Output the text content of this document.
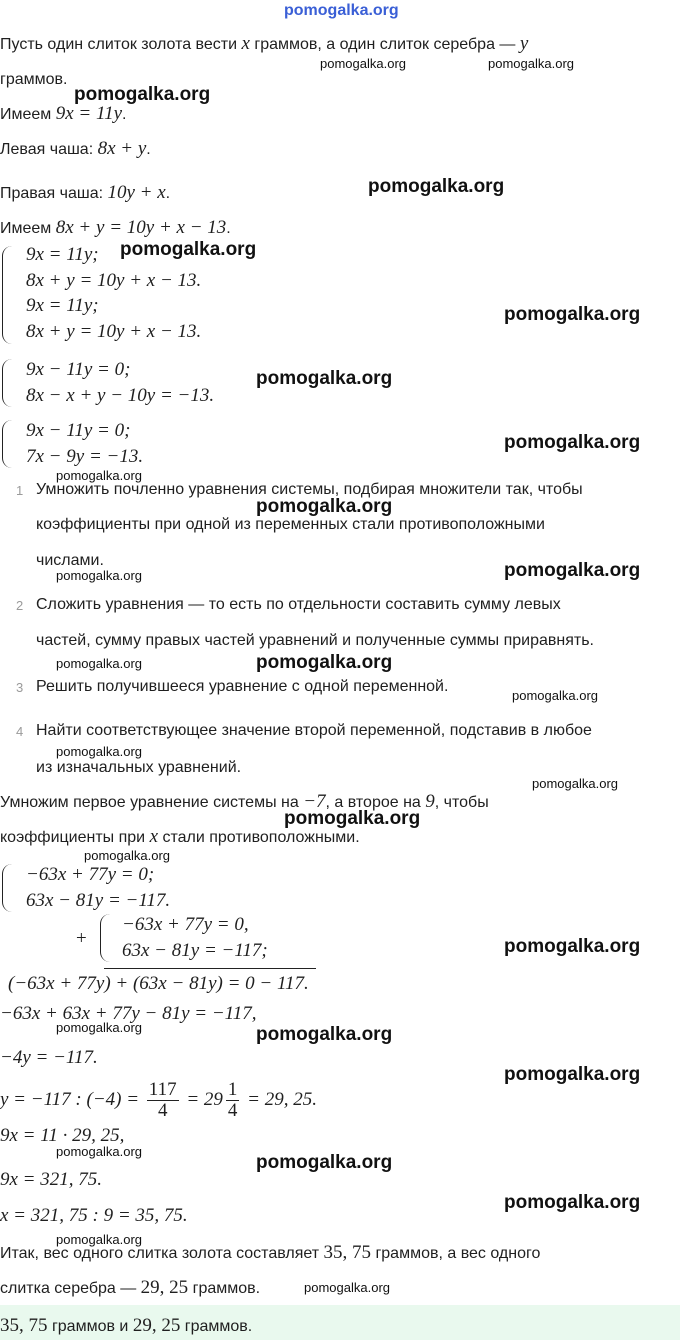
pomogalka.org
Пусть один слиток золота вести x граммов, а один слиток серебра — y
граммов.
Имеем 9x = 11y.
Левая чаша: 8x + y.
Правая чаша: 10y + x.
Имеем 8x + y = 10y + x − 13.
9x = 11y;
8x + y = 10y + x − 13.
9x = 11y;
8x + y = 10y + x − 13.
9x − 11y = 0;
8x − x + y − 10y = −13.
9x − 11y = 0;
7x − 9y = −13.
1 Умножить почленно уравнения системы, подбирая множители так, чтобы
коэффициенты при одной из переменных стали противоположными
числами.
2 Сложить уравнения — то есть по отдельности составить сумму левых
частей, сумму правых частей уравнений и полученные суммы приравнять.
3 Решить получившееся уравнение с одной переменной.
4 Найти соответствующее значение второй переменной, подставив в любое
из изначальных уравнений.
Умножим первое уравнение системы на −7, а второе на 9, чтобы
коэффициенты при x стали противоположными.
−63x + 77y = 0;
63x − 81y = −117.
+
−63x + 77y = 0,
63x − 81y = −117;
(−63x + 77y) + (63x − 81y) = 0 − 117.
−63x + 63x + 77y − 81y = −117,
−4y = −117.
y = −117 : $(-4) = \frac{117}{4} = 29 \frac{1}{4} = 29$, 25.
9x = 11 · 29, 25,
9x = 321, 75.
x = 321, 75 : 9 = 35, 75.
Итак, вес одного слитка золота составляет 35, 75 граммов, а вес одного
слитка серебра — 29, 25 граммов.
35, 75 граммов и 29, 25 граммов.
pomogalka.org
pomogalka.org
pomogalka.org
pomogalka.org
pomogalka.org
pomogalka.org
pomogalka.org
pomogalka.org
pomogalka.org
pomogalka.org
pomogalka.org
pomogalka.org
pomogalka.org
pomogalka.org
pomogalka.org
pomogalka.org	pomogalka.org
pomogalka.org
pomogalka.org
pomogalka.org
pomogalka.org
pomogalka.org
pomogalka.org
pomogalka.org
pomogalka.org
pomogalka.org
pomogalka.org
pomogalka.org
